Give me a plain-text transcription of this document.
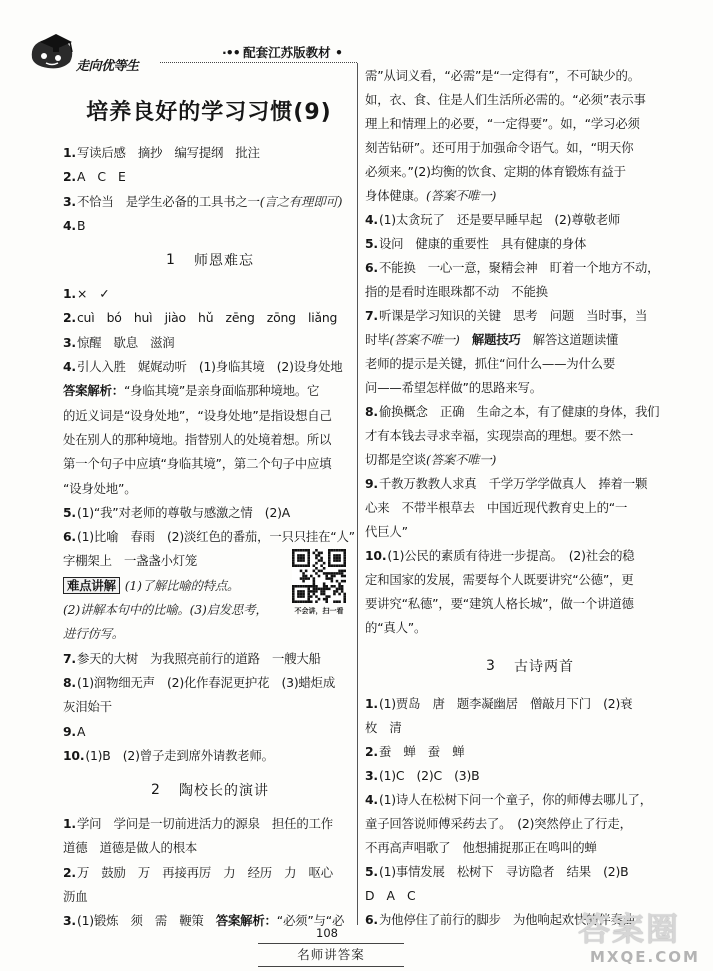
走向优等生
·•• 配套江苏版教材 •
培养良好的学习习惯(9)
1.写读后感　摘抄　编写提纲　批注
2.A　C　E
3.不恰当　是学生必备的工具书之一(言之有理即可)
4.B
1 师恩难忘
1.×　✓
2.cuì　bó　huì　jiào　hǔ　zēng　zōng　liǎng
3.惊醒　歇息　滋润
4.引人入胜　娓娓动听　(1)身临其境　(2)设身处地
答案解析：“身临其境”是亲身面临那种境地。它
的近义词是“设身处地”，“设身处地”是指设想自己
处在别人的那种境地。指替别人的处境着想。所以
第一个句子中应填“身临其境”，第二个句子中应填
“设身处地”。
5.(1)“我”对老师的尊敬与感激之情　(2)A
6.(1)比喻　春雨　(2)淡红色的番茄，一只只挂在“人”
字棚架上　一盏盏小灯笼
难点讲解 (1)了解比喻的特点。
(2)讲解本句中的比喻。(3)启发思考，
进行仿写。
7.参天的大树　为我照亮前行的道路　一艘大船
8.(1)润物细无声　(2)化作春泥更护花　(3)蜡炬成
灰泪始干
9.A
10.(1)B　(2)曾子走到席外请教老师。
2 陶校长的演讲
1.学问　学问是一切前进活力的源泉　担任的工作
道德　道德是做人的根本
2.万　鼓励　万　再接再厉　力　经历　力　呕心
沥血
3.(1)锻炼　须　需　鞭策　答案解析：“必须”与“必
需”从词义看，“必需”是“一定得有”，不可缺少的。
如，衣、食、住是人们生活所必需的。“必须”表示事
理上和情理上的必要，“一定得要”。如，“学习必须
刻苦钻研”。还可用于加强命令语气。如，“明天你
必须来。”(2)均衡的饮食、定期的体育锻炼有益于
身体健康。(答案不唯一)
4.(1)太贪玩了　还是要早睡早起　(2)尊敬老师
5.设问　健康的重要性　具有健康的身体
6.不能换　一心一意，聚精会神　盯着一个地方不动，
指的是看时连眼珠都不动　不能换
7.听课是学习知识的关键　思考　问题　当时事，当
时毕(答案不唯一)　解题技巧　解答这道题读懂
老师的提示是关键，抓住“问什么——为什么要
问——希望怎样做”的思路来写。
8.偷换概念　正确　生命之本，有了健康的身体，我们
才有本钱去寻求幸福，实现崇高的理想。要不然一
切都是空谈(答案不唯一)
9.千教万教教人求真　千学万学学做真人　捧着一颗
心来　不带半根草去　中国近现代教育史上的“一
代巨人”
10.(1)公民的素质有待进一步提高。　(2)社会的稳
定和国家的发展，需要每个人既要讲究“公德”，更
要讲究“私德”，要“建筑人格长城”，做一个讲道德
的“真人”。
3 古诗两首
1.(1)贾岛　唐　题李凝幽居　僧敲月下门　(2)衰
枚　清
2.蚕　蝉　蚕　蝉
3.(1)C　(2)C　(3)B
4.(1)诗人在松树下问一个童子，你的师傅去哪儿了，
童子回答说师傅采药去了。　(2)突然停止了行走，
不再高声唱歌了　他想捕捉那正在鸣叫的蝉
5.(1)事情发展　松树下　寻访隐者　结果　(2)B
D　A　C
6.为他停住了前行的脚步　为他响起欢快的伴奏曲
不会讲，扫一看
108
名师讲答案
答案圈
MXQE.COM
